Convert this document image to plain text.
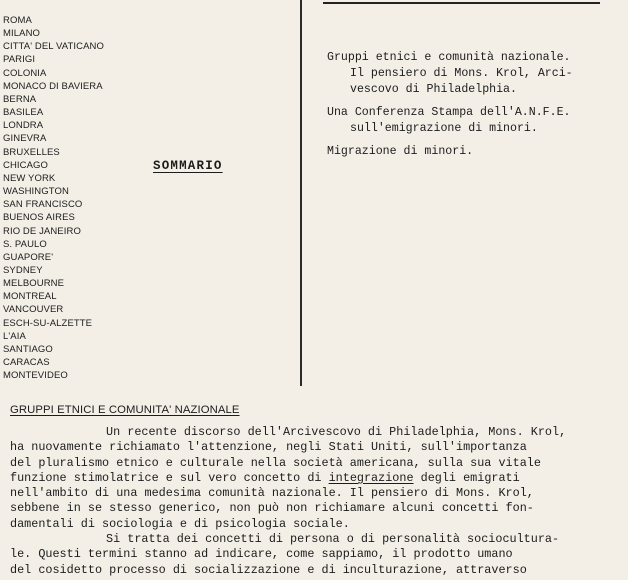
ROMA
MILANO
CITTA' DEL VATICANO
PARIGI
COLONIA
MONACO DI BAVIERA
BERNA
BASILEA
LONDRA
GINEVRA
BRUXELLES
CHICAGO
NEW YORK
WASHINGTON
SAN FRANCISCO
BUENOS AIRES
RIO DE JANEIRO
S. PAULO
GUAPORE'
SYDNEY
MELBOURNE
MONTREAL
VANCOUVER
ESCH-SU-ALZETTE
L'AIA
SANTIAGO
CARACAS
MONTEVIDEO
SOMMARIO
Gruppi etnici e comunità nazionale.
Il pensiero di Mons. Krol, Arci-
vescovo di Philadelphia.
Una Conferenza Stampa dell'A.N.F.E.
sull'emigrazione di minori.
Migrazione di minori.
GRUPPI ETNICI E COMUNITA' NAZIONALE
Un recente discorso dell'Arcivescovo di Philadelphia, Mons. Krol,
ha nuovamente richiamato l'attenzione, negli Stati Uniti, sull'importanza
del pluralismo etnico e culturale nella società americana, sulla sua vitale
funzione stimolatrice e sul vero concetto di integrazione degli emigrati
nell'ambito di una medesima comunità nazionale. Il pensiero di Mons. Krol,
sebbene in se stesso generico, non può non richiamare alcuni concetti fon-
damentali di sociologia e di psicologia sociale.
Si tratta dei concetti di persona o di personalità sociocultura-
le. Questi termini stanno ad indicare, come sappiamo, il prodotto umano
del cosidetto processo di socializzazione e di inculturazione, attraverso
